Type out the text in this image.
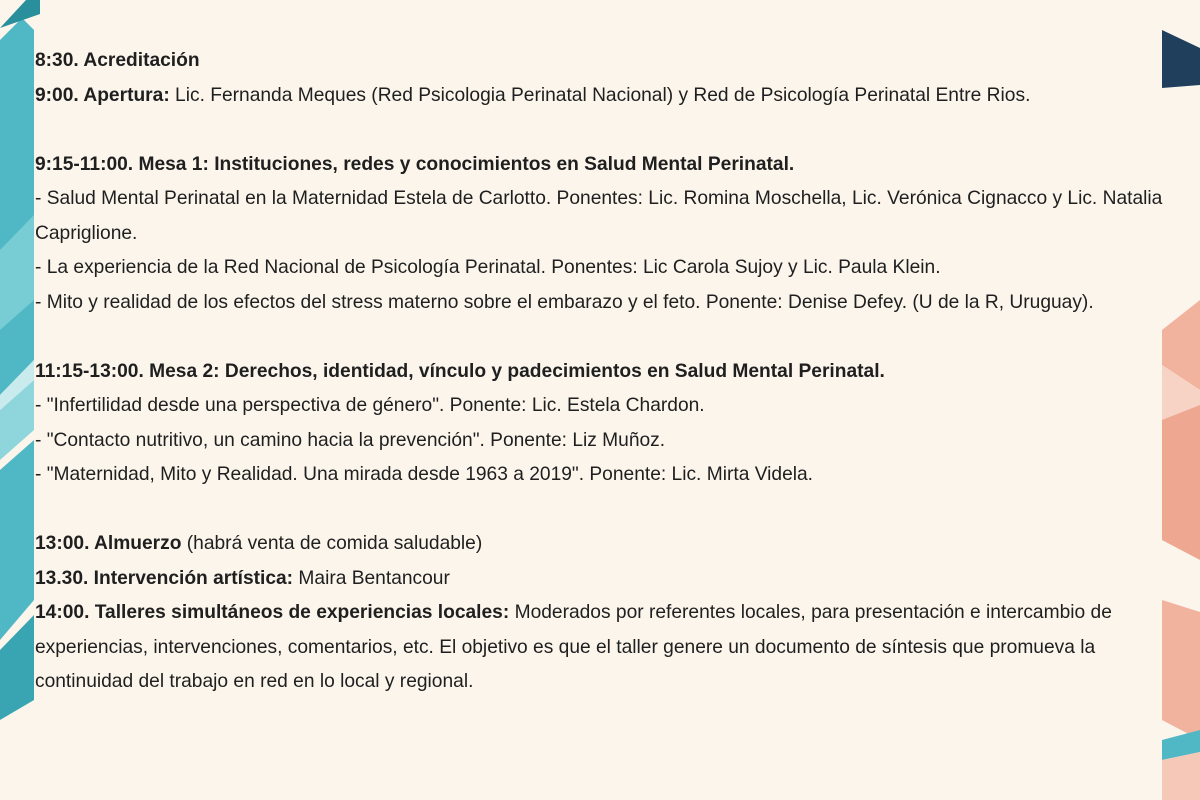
8:30. Acreditación
9:00. Apertura: Lic. Fernanda Meques (Red Psicologia Perinatal Nacional) y Red de Psicología Perinatal Entre Rios.
9:15-11:00. Mesa 1: Instituciones, redes y conocimientos en Salud Mental Perinatal.
- Salud Mental Perinatal en la Maternidad Estela de Carlotto. Ponentes: Lic. Romina Moschella, Lic. Verónica Cignacco y Lic. Natalia Capriglione.
- La experiencia de la Red Nacional de Psicología Perinatal. Ponentes: Lic Carola Sujoy y Lic. Paula Klein.
- Mito y realidad de los efectos del stress materno sobre el embarazo y el feto. Ponente: Denise Defey. (U de la R, Uruguay).
11:15-13:00. Mesa 2: Derechos, identidad, vínculo y padecimientos en Salud Mental Perinatal.
- "Infertilidad desde una perspectiva de género". Ponente: Lic. Estela Chardon.
- "Contacto nutritivo, un camino hacia la prevención". Ponente: Liz Muñoz.
- "Maternidad, Mito y Realidad. Una mirada desde 1963 a 2019". Ponente: Lic. Mirta Videla.
13:00. Almuerzo (habrá venta de comida saludable)
13.30. Intervención artística: Maira Bentancour
14:00. Talleres simultáneos de experiencias locales: Moderados por referentes locales, para presentación e intercambio de experiencias, intervenciones, comentarios, etc. El objetivo es que el taller genere un documento de síntesis que promueva la continuidad del trabajo en red en lo local y regional.
